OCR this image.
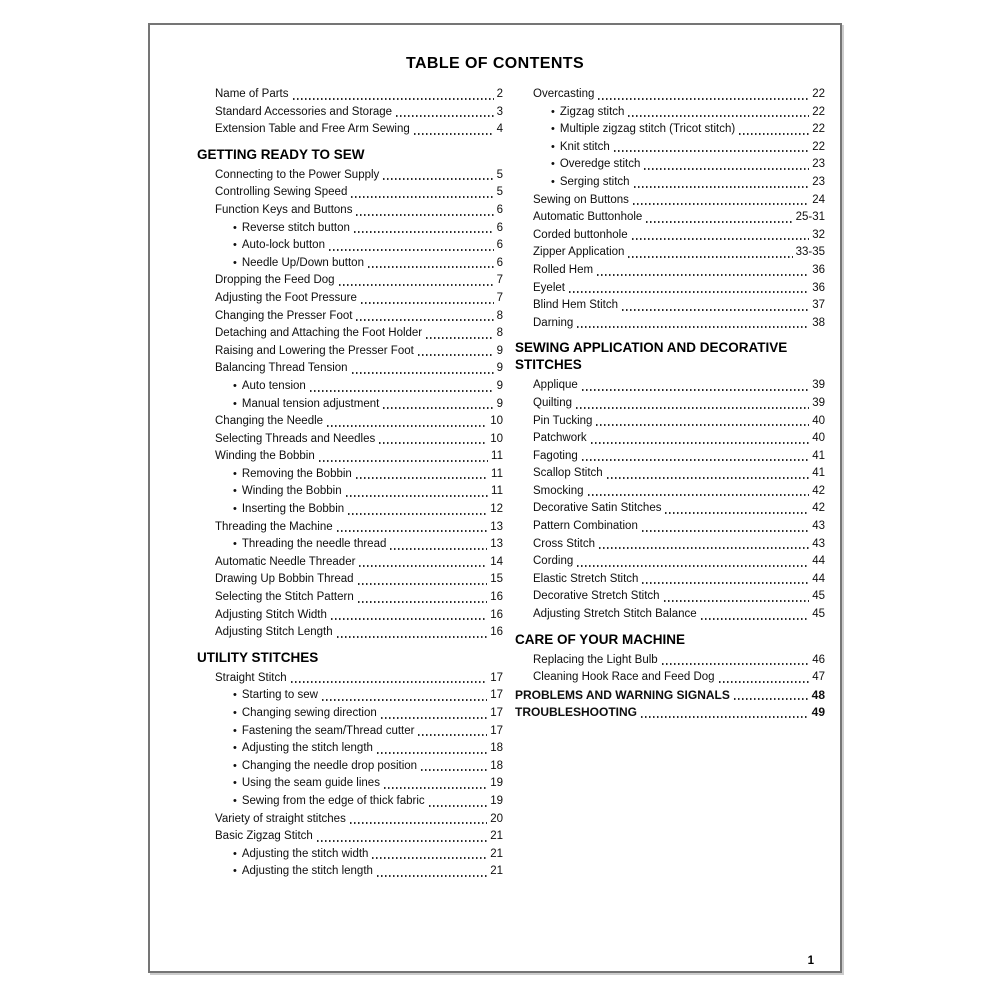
TABLE OF CONTENTS
Name of Parts	2
Standard Accessories and Storage	3
Extension Table and Free Arm Sewing	4
GETTING READY TO SEW
Connecting to the Power Supply	5
Controlling Sewing Speed	5
Function Keys and Buttons	6
• Reverse stitch button	6
• Auto-lock button	6
• Needle Up/Down button	6
Dropping the Feed Dog	7
Adjusting the Foot Pressure	7
Changing the Presser Foot	8
Detaching and Attaching the Foot Holder	8
Raising and Lowering the Presser Foot	9
Balancing Thread Tension	9
• Auto tension	9
• Manual tension adjustment	9
Changing the Needle	10
Selecting Threads and Needles	10
Winding the Bobbin	11
• Removing the Bobbin	11
• Winding the Bobbin	11
• Inserting the Bobbin	12
Threading the Machine	13
• Threading the needle thread	13
Automatic Needle Threader	14
Drawing Up Bobbin Thread	15
Selecting the Stitch Pattern	16
Adjusting Stitch Width	16
Adjusting Stitch Length	16
UTILITY STITCHES
Straight Stitch	17
• Starting to sew	17
• Changing sewing direction	17
• Fastening the seam/Thread cutter	17
• Adjusting the stitch length	18
• Changing the needle drop position	18
• Using the seam guide lines	19
• Sewing from the edge of thick fabric	19
Variety of straight stitches	20
Basic Zigzag Stitch	21
• Adjusting the stitch width	21
• Adjusting the stitch length	21
Overcasting	22
• Zigzag stitch	22
• Multiple zigzag stitch (Tricot stitch)	22
• Knit stitch	22
• Overedge stitch	23
• Serging stitch	23
Sewing on Buttons	24
Automatic Buttonhole	25-31
Corded buttonhole	32
Zipper Application	33-35
Rolled Hem	36
Eyelet	36
Blind Hem Stitch	37
Darning	38
SEWING APPLICATION AND DECORATIVE STITCHES
Applique	39
Quilting	39
Pin Tucking	40
Patchwork	40
Fagoting	41
Scallop Stitch	41
Smocking	42
Decorative Satin Stitches	42
Pattern Combination	43
Cross Stitch	43
Cording	44
Elastic Stretch Stitch	44
Decorative Stretch Stitch	45
Adjusting Stretch Stitch Balance	45
CARE OF YOUR MACHINE
Replacing the Light Bulb	46
Cleaning Hook Race and Feed Dog	47
PROBLEMS AND WARNING SIGNALS	48
TROUBLESHOOTING	49
1
